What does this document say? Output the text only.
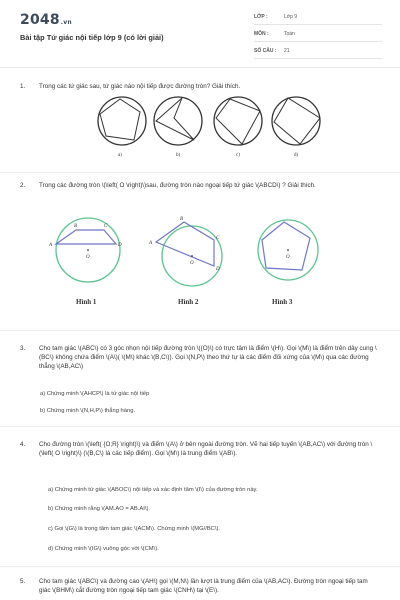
2048.vn
Bài tập Tứ giác nội tiếp lớp 9 (có lời giải)
LỚP :	Lớp 9
MÔN :	Toán
SỐ CÂU : 21
1. Trong các tứ giác sau, tứ giác nào nội tiếp được đường tròn? Giải thích.
a)	b)	c)	d)
2. Trong các đường tròn \(\left( O \right)\)sau, đường tròn nào ngoại tiếp tứ giác \(ABCD\) ? Giải thích.
A
B	C
D
O
A
B
C
D
O
O
Hình 1	Hình 2	Hình 3
3. Cho tam giác \(ABC\) có 3 góc nhọn nội tiếp đường tròn \((O)\) có trực tâm là điểm \(H\). Gọi \(M\) là điểm trên dây cung \(BC\) không chứa điểm \(A\)( \(M\) khác \(B,C\)). Gọi \(N,P\) theo thứ tự là các điểm đối xứng của \(M\) qua các đường thẳng \(AB,AC\)
a) Chứng minh \(AHCP\) là tứ giác nội tiếp
b) Chứng minh \(N,H,P\) thẳng hàng.
4. Cho đường tròn \(\left( {O;R} \right)\) và điểm \(A\) ở bên ngoài đường tròn. Vẽ hai tiếp tuyến \(AB,AC\) với đường tròn \(\left( O \right)\) (\(B,C\) là các tiếp điểm). Gọi \(M\) là trung điểm \(AB\).
a) Chứng minh tứ giác \(ABOC\) nội tiếp và xác định tâm \(I\) của đường tròn này.
b) Chứng minh rằng \(AM.AO = AB.AI\).
c) Gọi \(G\) là trọng tâm tam giác \(ACM\). Chứng minh \(MG//BC\).
d) Chứng minh \(IG\) vuông góc với \(CM\).
5. Cho tam giác \(ABC\) và đường cao \(AH\) gọi \(M,N\) lần lượt là trung điểm của \(AB,AC\). Đường tròn ngoại tiếp tam giác \(BHM\) cắt đường tròn ngoại tiếp tam giác \(CNH\) tại \(E\).
